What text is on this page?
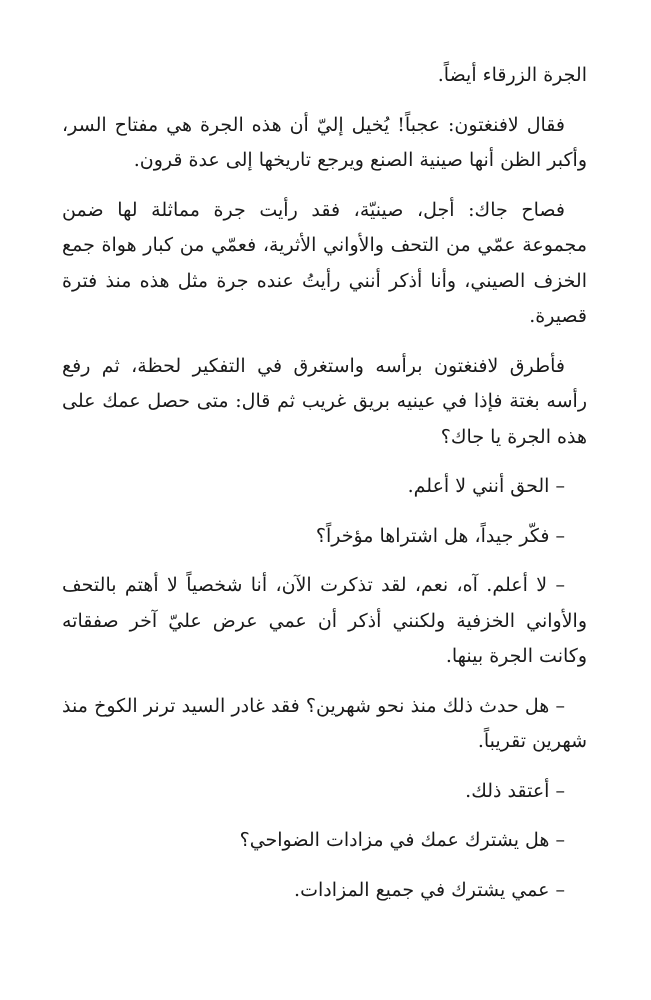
الجرة الزرقاء أيضاً.

فقال لافنغتون: عجباً! يُخيل إليّ أن هذه الجرة هي مفتاح السر، وأكبر الظن أنها صينية الصنع ويرجع تاريخها إلى عدة قرون.

فصاح جاك: أجل، صينيّة، فقد رأيت جرة مماثلة لها ضمن مجموعة عمّي من التحف والأواني الأثرية، فعمّي من كبار هواة جمع الخزف الصيني، وأنا أذكر أنني رأيتُ عنده جرة مثل هذه منذ فترة قصيرة.

فأطرق لافنغتون برأسه واستغرق في التفكير لحظة، ثم رفع رأسه بغتة فإذا في عينيه بريق غريب ثم قال: متى حصل عمك على هذه الجرة يا جاك؟

– الحق أنني لا أعلم.

– فكّر جيداً، هل اشتراها مؤخراً؟

– لا أعلم. آه، نعم، لقد تذكرت الآن، أنا شخصياً لا أهتم بالتحف والأواني الخزفية ولكنني أذكر أن عمي عرض عليّ آخر صفقاته وكانت الجرة بينها.

– هل حدث ذلك منذ نحو شهرين؟ فقد غادر السيد ترنر الكوخ منذ شهرين تقريباً.

– أعتقد ذلك.

– هل يشترك عمك في مزادات الضواحي؟

– عمي يشترك في جميع المزادات.
